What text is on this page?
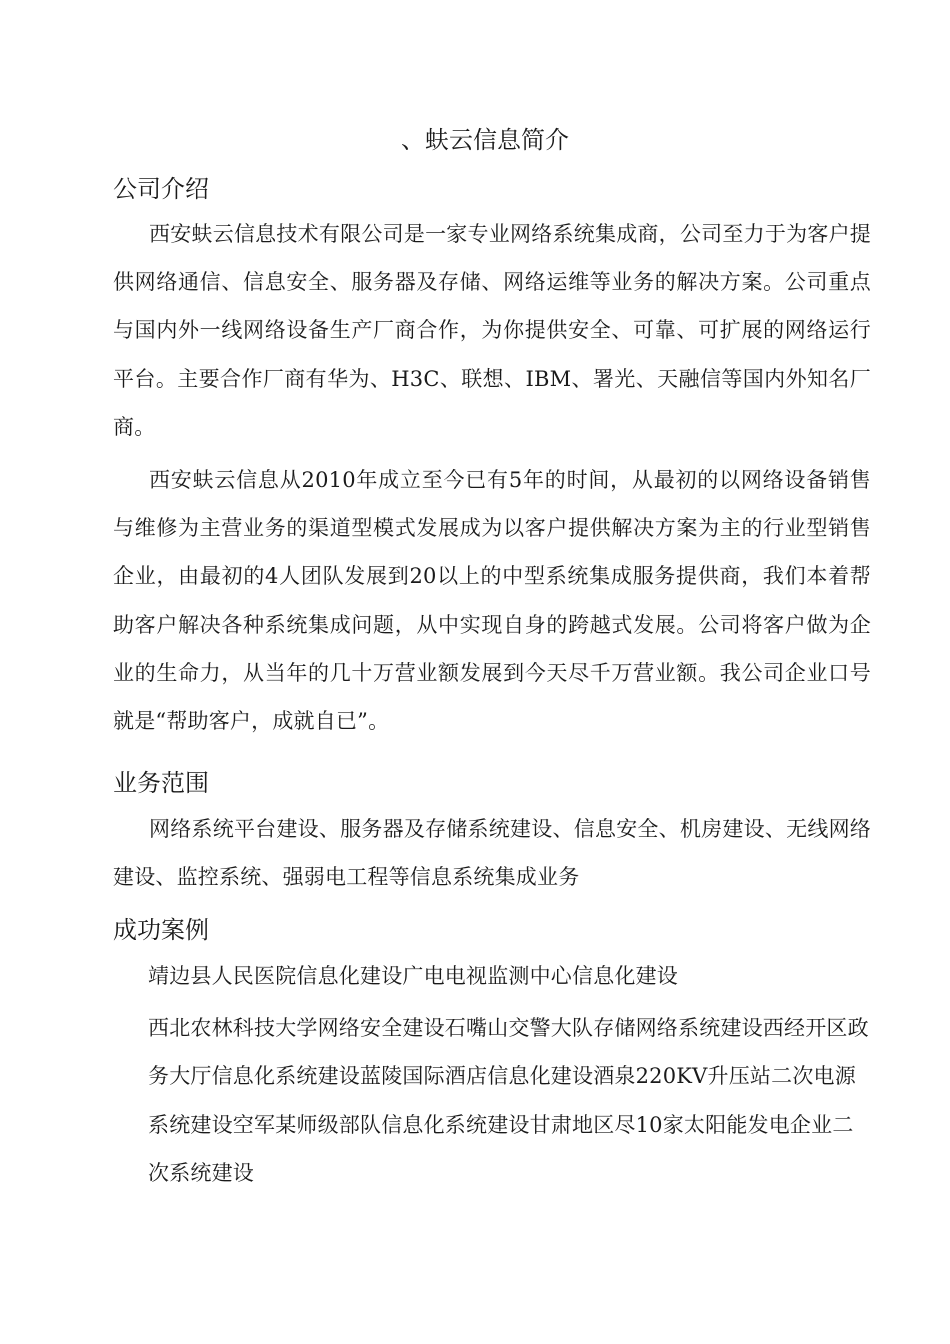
、蚨云信息简介
公司介绍

西安蚨云信息技术有限公司是一家专业网络系统集成商，公司至力于为客户提供网络通信、信息安全、服务器及存储、网络运维等业务的解决方案。公司重点与国内外一线网络设备生产厂商合作，为你提供安全、可靠、可扩展的网络运行平台。主要合作厂商有华为、H3C、联想、IBM、署光、天融信等国内外知名厂商。

西安蚨云信息从2010年成立至今已有5年的时间，从最初的以网络设备销售与维修为主营业务的渠道型模式发展成为以客户提供解决方案为主的行业型销售企业，由最初的4人团队发展到20以上的中型系统集成服务提供商，我们本着帮助客户解决各种系统集成问题，从中实现自身的跨越式发展。公司将客户做为企业的生命力，从当年的几十万营业额发展到今天尽千万营业额。我公司企业口号就是“帮助客户，成就自已”。

业务范围

网络系统平台建设、服务器及存储系统建设、信息安全、机房建设、无线网络建设、监控系统、强弱电工程等信息系统集成业务

成功案例

靖边县人民医院信息化建设广电电视监测中心信息化建设

西北农林科技大学网络安全建设石嘴山交警大队存储网络系统建设西经开区政务大厅信息化系统建设蓝陵国际酒店信息化建设酒泉220KV升压站二次电源系统建设空军某师级部队信息化系统建设甘肃地区尽10家太阳能发电企业二次系统建设
